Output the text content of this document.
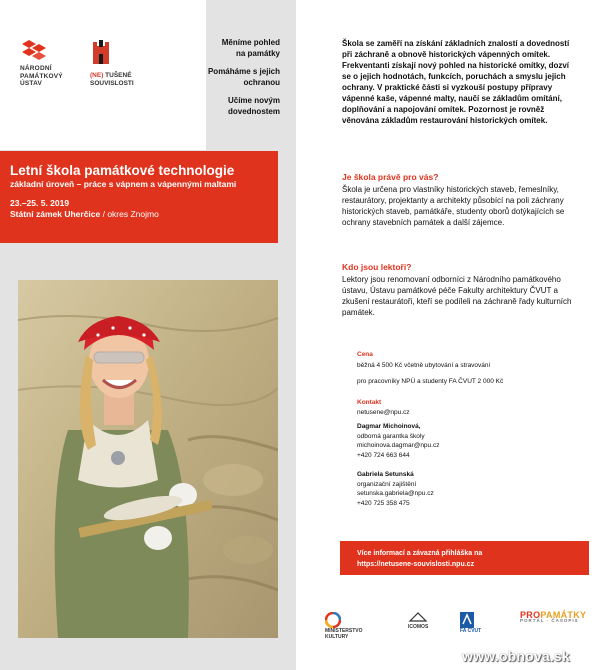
NÁRODNÍ
PAMÁTKOVÝ
ÚSTAV
(NE) TUŠENÉ
SOUVISLOSTI
Měníme pohled
na památky
Pomáháme s jejich
ochranou
Učíme novým
dovednostem
Letní škola památkové technologie
základní úroveň – práce s vápnem a vápennými maltami
23.–25. 5. 2019
Státní zámek Uherčice / okres Znojmo
Škola se zaměří na získání základních znalostí a dovedností při záchraně a obnově historických vápenných omítek. Frekventanti získají nový pohled na historické omítky, dozví se o jejich hodnotách, funkcích, poruchách a smyslu jejich ochrany. V praktické části si vyzkouší postupy přípravy vápenné kaše, vápenné malty, naučí se základům omítání, doplňování a napojování omítek. Pozornost je rovněž věnována základům restaurování historických omítek.
Je škola právě pro vás?
Škola je určena pro vlastníky historických staveb, řemeslníky, restaurátory, projektanty a architekty působící na poli záchrany historických staveb, památkáře, studenty oborů dotýkajících se ochrany stavebních památek a další zájemce.
Kdo jsou lektoři?
Lektory jsou renomovaní odborníci z Národního památkového ústavu, Ústavu památkové péče Fakulty architektury ČVUT a zkušení restaurátoři, kteří se podíleli na záchraně řady kulturních památek.
Cena
běžná 4 500 Kč včetně ubytování a stravování
pro pracovníky NPÚ a studenty FA ČVUT 2 000 Kč
Kontakt
netusene@npu.cz
Dagmar Michoinová,
odborná garantka školy
michoinova.dagmar@npu.cz
+420 724 663 644
Gabriela Setunská
organizační zajištění
setunska.gabriela@npu.cz
+420 725 358 475
Více informací a závazná přihláška na
https://netusene-souvislosti.npu.cz
MINISTERSTVO
KULTURY
ICOMOS
FA ČVUT
PROPAMÁTKY
PORTÁL · ČASOPIS
www.obnova.sk
